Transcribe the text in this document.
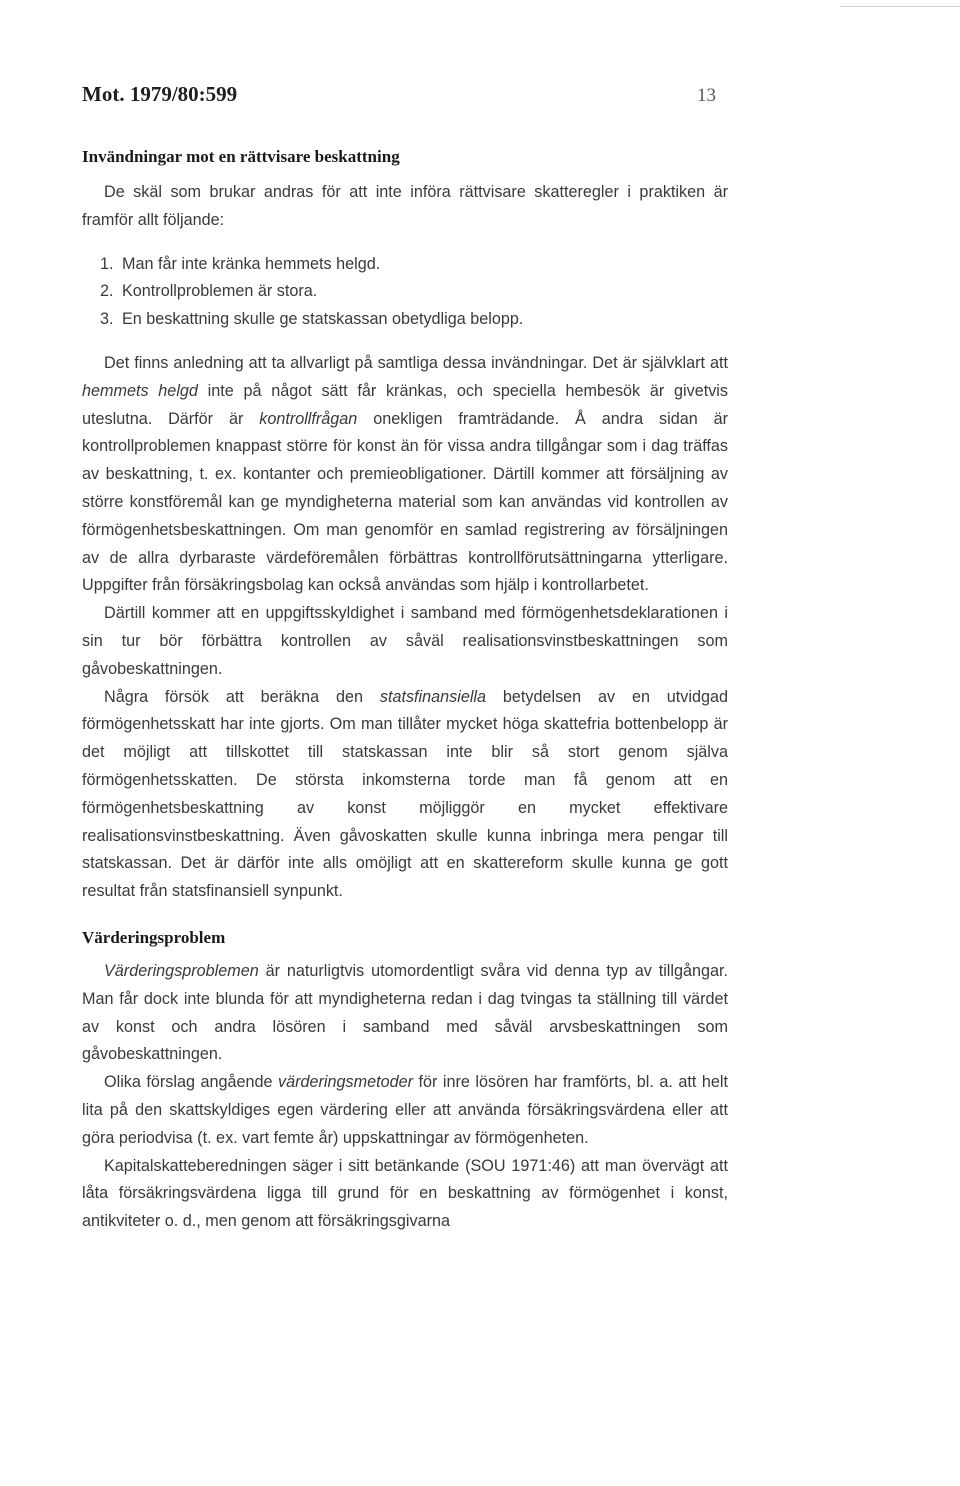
Mot. 1979/80:599	13
Invändningar mot en rättvisare beskattning

De skäl som brukar andras för att inte införa rättvisare skatteregler i praktiken är framför allt följande:

1. Man får inte kränka hemmets helgd.
2. Kontrollproblemen är stora.
3. En beskattning skulle ge statskassan obetydliga belopp.

Det finns anledning att ta allvarligt på samtliga dessa invändningar. Det är självklart att hemmets helgd inte på något sätt får kränkas, och speciella hembesök är givetvis uteslutna. Därför är kontrollfrågan onekligen framträdande. Å andra sidan är kontrollproblemen knappast större för konst än för vissa andra tillgångar som i dag träffas av beskattning, t. ex. kontanter och premieobligationer. Därtill kommer att försäljning av större konstföremål kan ge myndigheterna material som kan användas vid kontrollen av förmögenhetsbeskattningen. Om man genomför en samlad registrering av försäljningen av de allra dyrbaraste värdeföremålen förbättras kontrollförutsättningarna ytterligare. Uppgifter från försäkringsbolag kan också användas som hjälp i kontrollarbetet.

Därtill kommer att en uppgiftsskyldighet i samband med förmögenhetsdeklarationen i sin tur bör förbättra kontrollen av såväl realisationsvinstbeskattningen som gåvobeskattningen.

Några försök att beräkna den statsfinansiella betydelsen av en utvidgad förmögenhetsskatt har inte gjorts. Om man tillåter mycket höga skattefria bottenbelopp är det möjligt att tillskottet till statskassan inte blir så stort genom själva förmögenhetsskatten. De största inkomsterna torde man få genom att en förmögenhetsbeskattning av konst möjliggör en mycket effektivare realisationsvinstbeskattning. Även gåvoskatten skulle kunna inbringa mera pengar till statskassan. Det är därför inte alls omöjligt att en skattereform skulle kunna ge gott resultat från statsfinansiell synpunkt.

Värderingsproblem

Värderingsproblemen är naturligtvis utomordentligt svåra vid denna typ av tillgångar. Man får dock inte blunda för att myndigheterna redan i dag tvingas ta ställning till värdet av konst och andra lösören i samband med såväl arvsbeskattningen som gåvobeskattningen.

Olika förslag angående värderingsmetoder för inre lösören har framförts, bl. a. att helt lita på den skattskyldiges egen värdering eller att använda försäkringsvärdena eller att göra periodvisa (t. ex. vart femte år) uppskattningar av förmögenheten.

Kapitalskatteberedningen säger i sitt betänkande (SOU 1971:46) att man övervägt att låta försäkringsvärdena ligga till grund för en beskattning av förmögenhet i konst, antikviteter o. d., men genom att försäkringsgivarna
